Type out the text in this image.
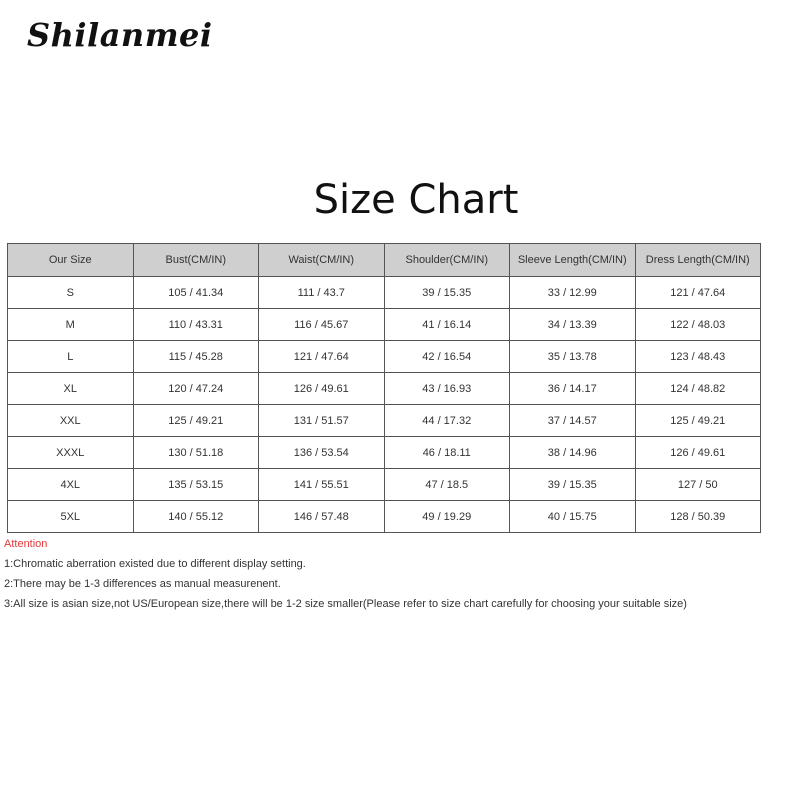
Shilanmei
Size Chart
Our Size	Bust(CM/IN)	Waist(CM/IN)	Shoulder(CM/IN)	Sleeve Length(CM/IN)	Dress Length(CM/IN)
S	105 / 41.34	111 / 43.7	39 / 15.35	33 / 12.99	121 / 47.64
M	110 / 43.31	116 / 45.67	41 / 16.14	34 / 13.39	122 / 48.03
L	115 / 45.28	121 / 47.64	42 / 16.54	35 / 13.78	123 / 48.43
XL	120 / 47.24	126 / 49.61	43 / 16.93	36 / 14.17	124 / 48.82
XXL	125 / 49.21	131 / 51.57	44 / 17.32	37 / 14.57	125 / 49.21
XXXL	130 / 51.18	136 / 53.54	46 / 18.11	38 / 14.96	126 / 49.61
4XL	135 / 53.15	141 / 55.51	47 / 18.5	39 / 15.35	127 / 50
5XL	140 / 55.12	146 / 57.48	49 / 19.29	40 / 15.75	128 / 50.39
Attention
1:Chromatic aberration existed due to different display setting.
2:There may be 1-3 differences as manual measurenent.
3:All size is asian size,not US/European size,there will be 1-2 size smaller(Please refer to size chart carefully for choosing your suitable size)
